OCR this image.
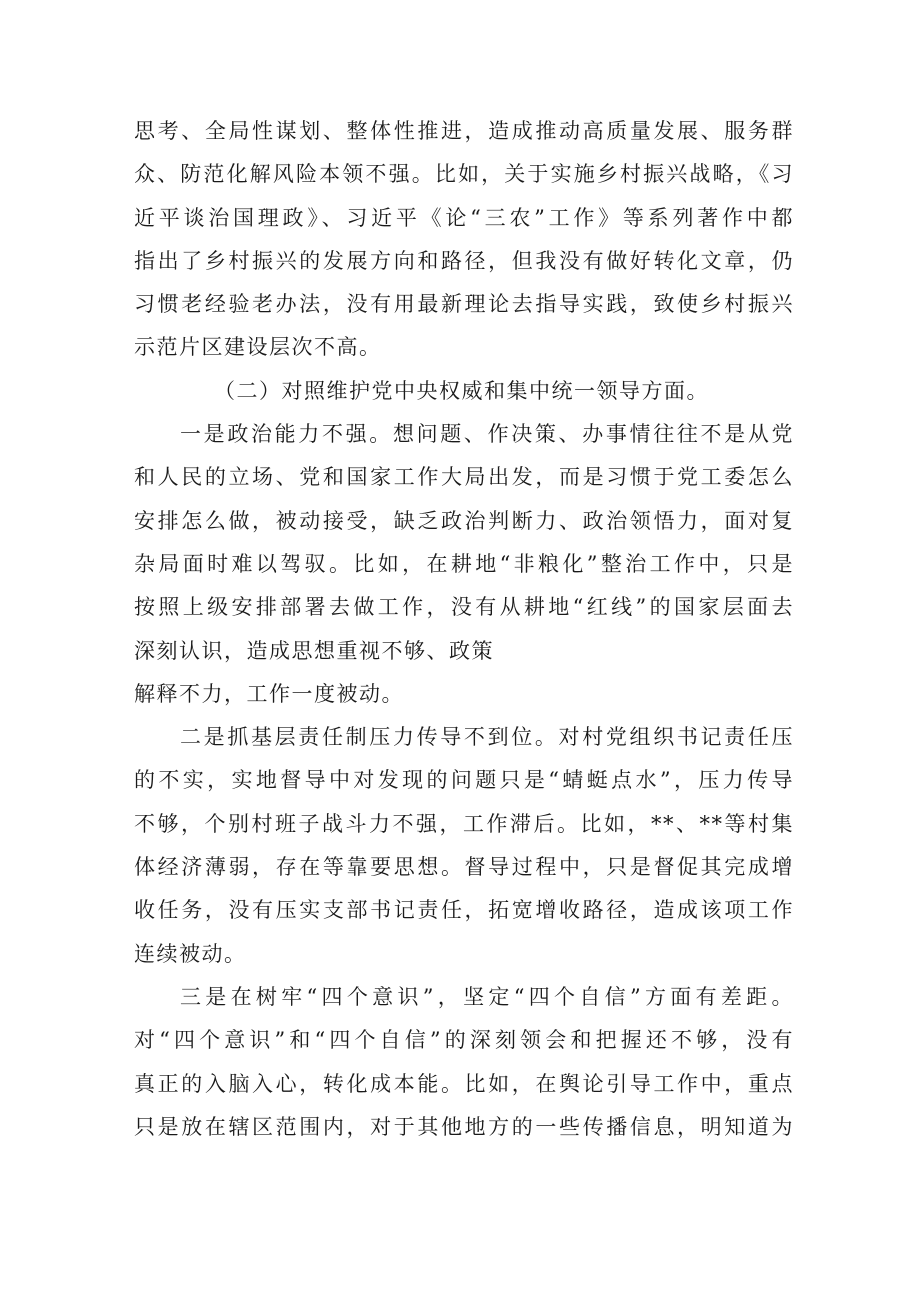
思考、全局性谋划、整体性推进，造成推动高质量发展、服务群
众、防范化解风险本领不强。比如，关于实施乡村振兴战略，《习
近平谈治国理政》、习近平《论“三农”工作》等系列著作中都
指出了乡村振兴的发展方向和路径，但我没有做好转化文章，仍
习惯老经验老办法，没有用最新理论去指导实践，致使乡村振兴
示范片区建设层次不高。
（二）对照维护党中央权威和集中统一领导方面。
一是政治能力不强。想问题、作决策、办事情往往不是从党
和人民的立场、党和国家工作大局出发，而是习惯于党工委怎么
安排怎么做，被动接受，缺乏政治判断力、政治领悟力，面对复
杂局面时难以驾驭。比如，在耕地“非粮化”整治工作中，只是
按照上级安排部署去做工作，没有从耕地“红线”的国家层面去
深刻认识，造成思想重视不够、政策
解释不力，工作一度被动。
二是抓基层责任制压力传导不到位。对村党组织书记责任压
的不实，实地督导中对发现的问题只是“蜻蜓点水”，压力传导
不够，个别村班子战斗力不强，工作滞后。比如，**、**等村集
体经济薄弱，存在等靠要思想。督导过程中，只是督促其完成增
收任务，没有压实支部书记责任，拓宽增收路径，造成该项工作
连续被动。
三是在树牢“四个意识”，坚定“四个自信”方面有差距。
对“四个意识”和“四个自信”的深刻领会和把握还不够，没有
真正的入脑入心，转化成本能。比如，在舆论引导工作中，重点
只是放在辖区范围内，对于其他地方的一些传播信息，明知道为
